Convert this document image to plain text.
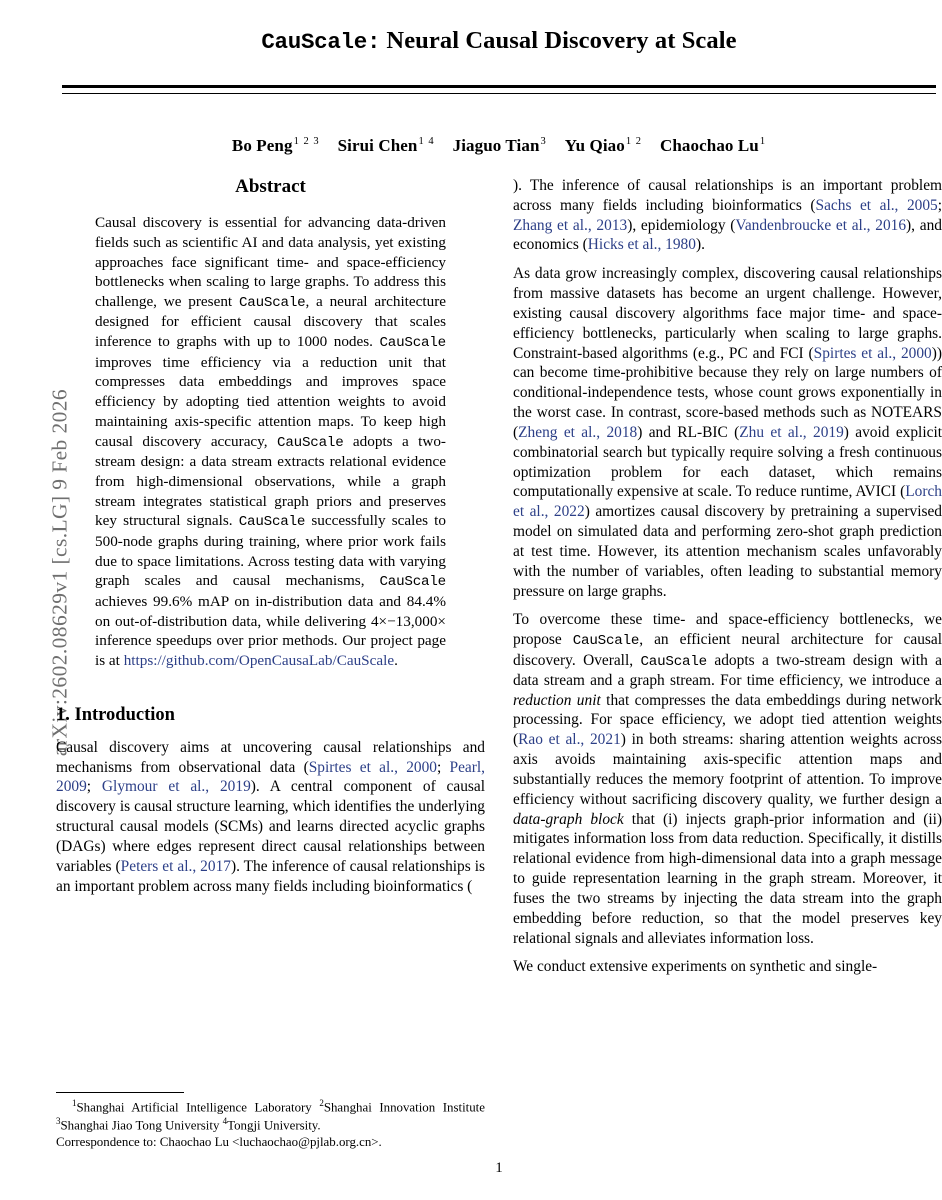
arXiv:2602.08629v1 [cs.LG] 9 Feb 2026
CauScale: Neural Causal Discovery at Scale
Bo Peng$^{1 2 3}$ Sirui Chen$^{1 4}$ Jiaguo Tian$^3$ Yu Qiao$^{1 2}$ Chaochao Lu$^1$
Abstract

Causal discovery is essential for advancing data-driven fields such as scientific AI and data analysis, yet existing approaches face significant time- and space-efficiency bottlenecks when scaling to large graphs. To address this challenge, we present CauScale, a neural architecture designed for efficient causal discovery that scales inference to graphs with up to 1000 nodes. CauScale improves time efficiency via a reduction unit that compresses data embeddings and improves space efficiency by adopting tied attention weights to avoid maintaining axis-specific attention maps. To keep high causal discovery accuracy, CauScale adopts a two-stream design: a data stream extracts relational evidence from high-dimensional observations, while a graph stream integrates statistical graph priors and preserves key structural signals. CauScale successfully scales to 500-node graphs during training, where prior work fails due to space limitations. Across testing data with varying graph scales and causal mechanisms, CauScale achieves 99.6% mAP on in-distribution data and 84.4% on out-of-distribution data, while delivering 4×−13,000× inference speedups over prior methods. Our project page is at https://github.com/OpenCausaLab/CauScale.

1. Introduction

Causal discovery aims at uncovering causal relationships and mechanisms from observational data (Spirtes et al., 2000; Pearl, 2009; Glymour et al., 2019). A central component of causal discovery is causal structure learning, which identifies the underlying structural causal models (SCMs) and learns directed acyclic graphs (DAGs) where edges represent direct causal relationships between variables (Peters et al., 2017). The inference of causal relationships is an important problem across many fields including bioinformatics (

$^1$Shanghai Artificial Intelligence Laboratory $^2$Shanghai Innovation Institute $^3$Shanghai Jiao Tong University $^4$Tongji University.

Correspondence to: Chaochao Lu <luchaochao@pjlab.org.cn>.

). The inference of causal relationships is an important problem across many fields including bioinformatics (Sachs et al., 2005; Zhang et al., 2013), epidemiology (Vandenbroucke et al., 2016), and economics (Hicks et al., 1980).

As data grow increasingly complex, discovering causal relationships from massive datasets has become an urgent challenge. However, existing causal discovery algorithms face major time- and space-efficiency bottlenecks, particularly when scaling to large graphs. Constraint-based algorithms (e.g., PC and FCI (Spirtes et al., 2000)) can become time-prohibitive because they rely on large numbers of conditional-independence tests, whose count grows exponentially in the worst case. In contrast, score-based methods such as NOTEARS (Zheng et al., 2018) and RL-BIC (Zhu et al., 2019) avoid explicit combinatorial search but typically require solving a fresh continuous optimization problem for each dataset, which remains computationally expensive at scale. To reduce runtime, AVICI (Lorch et al., 2022) amortizes causal discovery by pretraining a supervised model on simulated data and performing zero-shot graph prediction at test time. However, its attention mechanism scales unfavorably with the number of variables, often leading to substantial memory pressure on large graphs.

To overcome these time- and space-efficiency bottlenecks, we propose CauScale, an efficient neural architecture for causal discovery. Overall, CauScale adopts a two-stream design with a data stream and a graph stream. For time efficiency, we introduce a reduction unit that compresses the data embeddings during network processing. For space efficiency, we adopt tied attention weights (Rao et al., 2021) in both streams: sharing attention weights across axis avoids maintaining axis-specific attention maps and substantially reduces the memory footprint of attention. To improve efficiency without sacrificing discovery quality, we further design a data-graph block that (i) injects graph-prior information and (ii) mitigates information loss from data reduction. Specifically, it distills relational evidence from high-dimensional data into a graph message to guide representation learning in the graph stream. Moreover, it fuses the two streams by injecting the data stream into the graph embedding before reduction, so that the model preserves key relational signals and alleviates information loss.

We conduct extensive experiments on synthetic and single-

1
